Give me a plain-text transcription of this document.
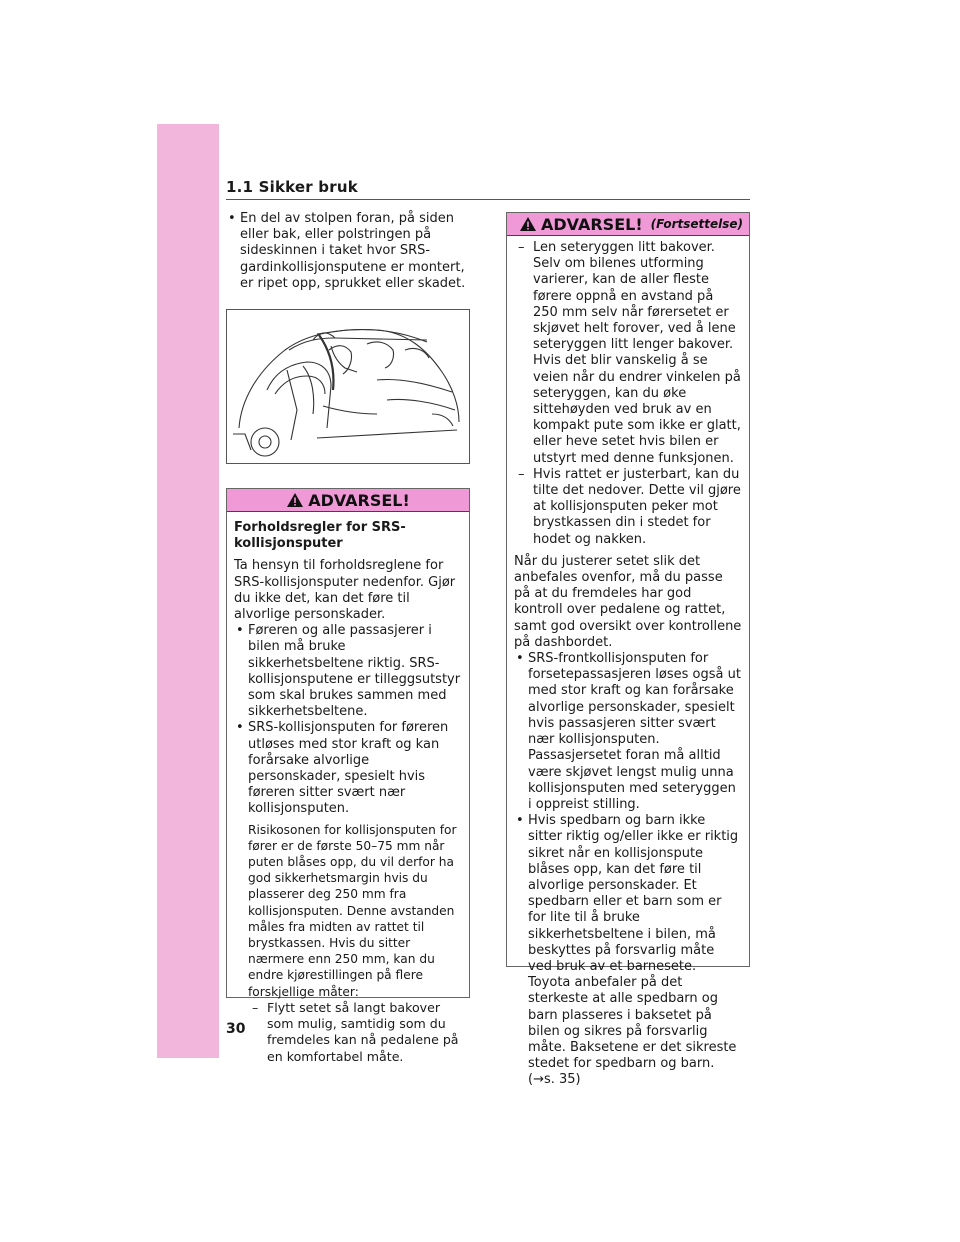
1.1 Sikker bruk
• En del av stolpen foran, på siden eller bak, eller polstringen på sideskinnen i taket hvor SRS-gardinkollisjonsputene er montert, er ripet opp, sprukket eller skadet.
ADVARSEL!
Forholdsregler for SRS-kollisjonsputer
Ta hensyn til forholdsreglene for SRS-kollisjonsputer nedenfor. Gjør du ikke det, kan det føre til alvorlige personskader.
• Føreren og alle passasjerer i bilen må bruke sikkerhetsbeltene riktig. SRS-kollisjonsputene er tilleggsutstyr som skal brukes sammen med sikkerhetsbeltene.
• SRS-kollisjonsputen for føreren utløses med stor kraft og kan forårsake alvorlige personskader, spesielt hvis føreren sitter svært nær kollisjonsputen.
Risikosonen for kollisjonsputen for fører er de første 50–75 mm når puten blåses opp, du vil derfor ha god sikkerhetsmargin hvis du plasserer deg 250 mm fra kollisjonsputen. Denne avstanden måles fra midten av rattet til brystkassen. Hvis du sitter nærmere enn 250 mm, kan du endre kjørestillingen på flere forskjellige måter:
– Flytt setet så langt bakover som mulig, samtidig som du fremdeles kan nå pedalene på en komfortabel måte.
ADVARSEL! (Fortsettelse)
– Len seteryggen litt bakover. Selv om bilenes utforming varierer, kan de aller fleste førere oppnå en avstand på 250 mm selv når førersetet er skjøvet helt forover, ved å lene seteryggen litt lenger bakover. Hvis det blir vanskelig å se veien når du endrer vinkelen på seteryggen, kan du øke sittehøyden ved bruk av en kompakt pute som ikke er glatt, eller heve setet hvis bilen er utstyrt med denne funksjonen.
– Hvis rattet er justerbart, kan du tilte det nedover. Dette vil gjøre at kollisjonsputen peker mot brystkassen din i stedet for hodet og nakken.
Når du justerer setet slik det anbefales ovenfor, må du passe på at du fremdeles har god kontroll over pedalene og rattet, samt god oversikt over kontrollene på dashbordet.
• SRS-frontkollisjonsputen for forsetepassasjeren løses også ut med stor kraft og kan forårsake alvorlige personskader, spesielt hvis passasjeren sitter svært nær kollisjonsputen. Passasjersetet foran må alltid være skjøvet lengst mulig unna kollisjonsputen med seteryggen i oppreist stilling.
• Hvis spedbarn og barn ikke sitter riktig og/eller ikke er riktig sikret når en kollisjonspute blåses opp, kan det føre til alvorlige personskader. Et spedbarn eller et barn som er for lite til å bruke sikkerhetsbeltene i bilen, må beskyttes på forsvarlig måte ved bruk av et barnesete. Toyota anbefaler på det sterkeste at alle spedbarn og barn plasseres i baksetet på bilen og sikres på forsvarlig måte. Baksetene er det sikreste stedet for spedbarn og barn. (→s. 35)
30
